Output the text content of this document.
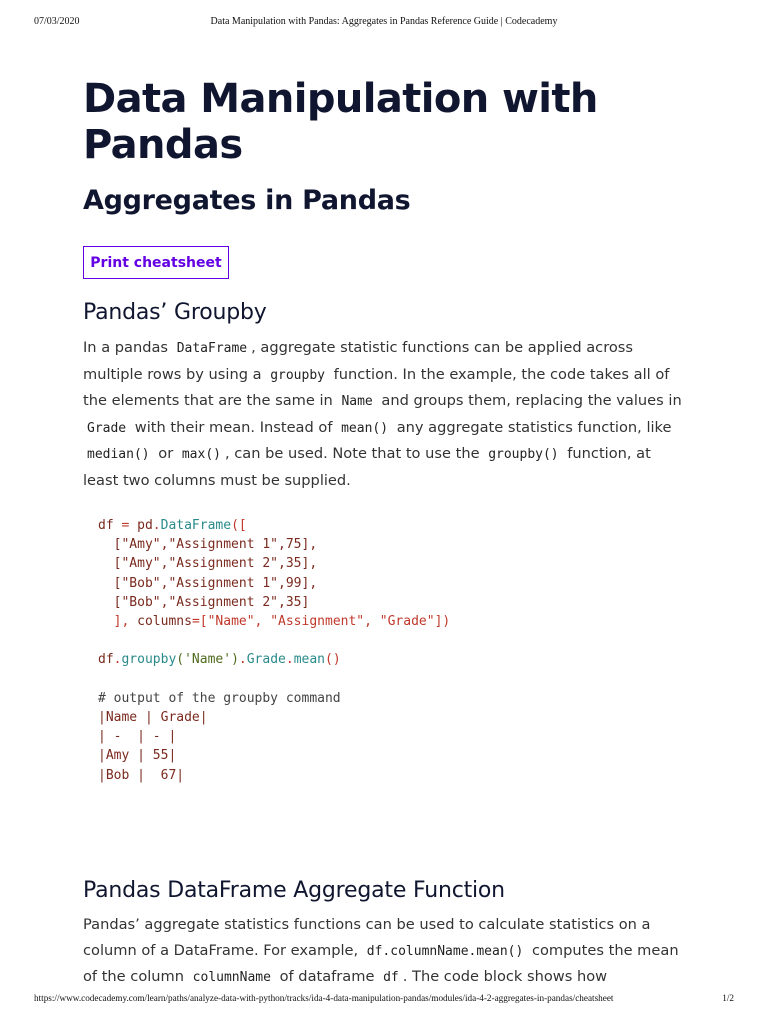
07/03/2020	Data Manipulation with Pandas: Aggregates in Pandas Reference Guide | Codecademy
Data Manipulation with
Pandas
Aggregates in Pandas
Print cheatsheet
Pandas’ Groupby

In a pandas DataFrame , aggregate statistic functions can be applied across multiple rows by using a groupby function. In the example, the code takes all of the elements that are the same in Name and groups them, replacing the values in Grade with their mean. Instead of mean() any aggregate statistics function, like median() or max() , can be used. Note that to use the groupby() function, at least two columns must be supplied.

df = pd.DataFrame([
["Amy","Assignment 1",75],
["Amy","Assignment 2",35],
["Bob","Assignment 1",99],
["Bob","Assignment 2",35]
], columns=["Name", "Assignment", "Grade"])

df.groupby('Name').Grade.mean()

# output of the groupby command
|Name | Grade|
| -  | - |
|Amy | 55|
|Bob |  67|
Pandas DataFrame Aggregate Function

Pandas’ aggregate statistics functions can be used to calculate statistics on a column of a DataFrame. For example, df.columnName.mean() computes the mean of the column columnName of dataframe df . The code block shows how

https://www.codecademy.com/learn/paths/analyze-data-with-python/tracks/ida-4-data-manipulation-pandas/modules/ida-4-2-aggregates-in-pandas/cheatsheet	1/2
